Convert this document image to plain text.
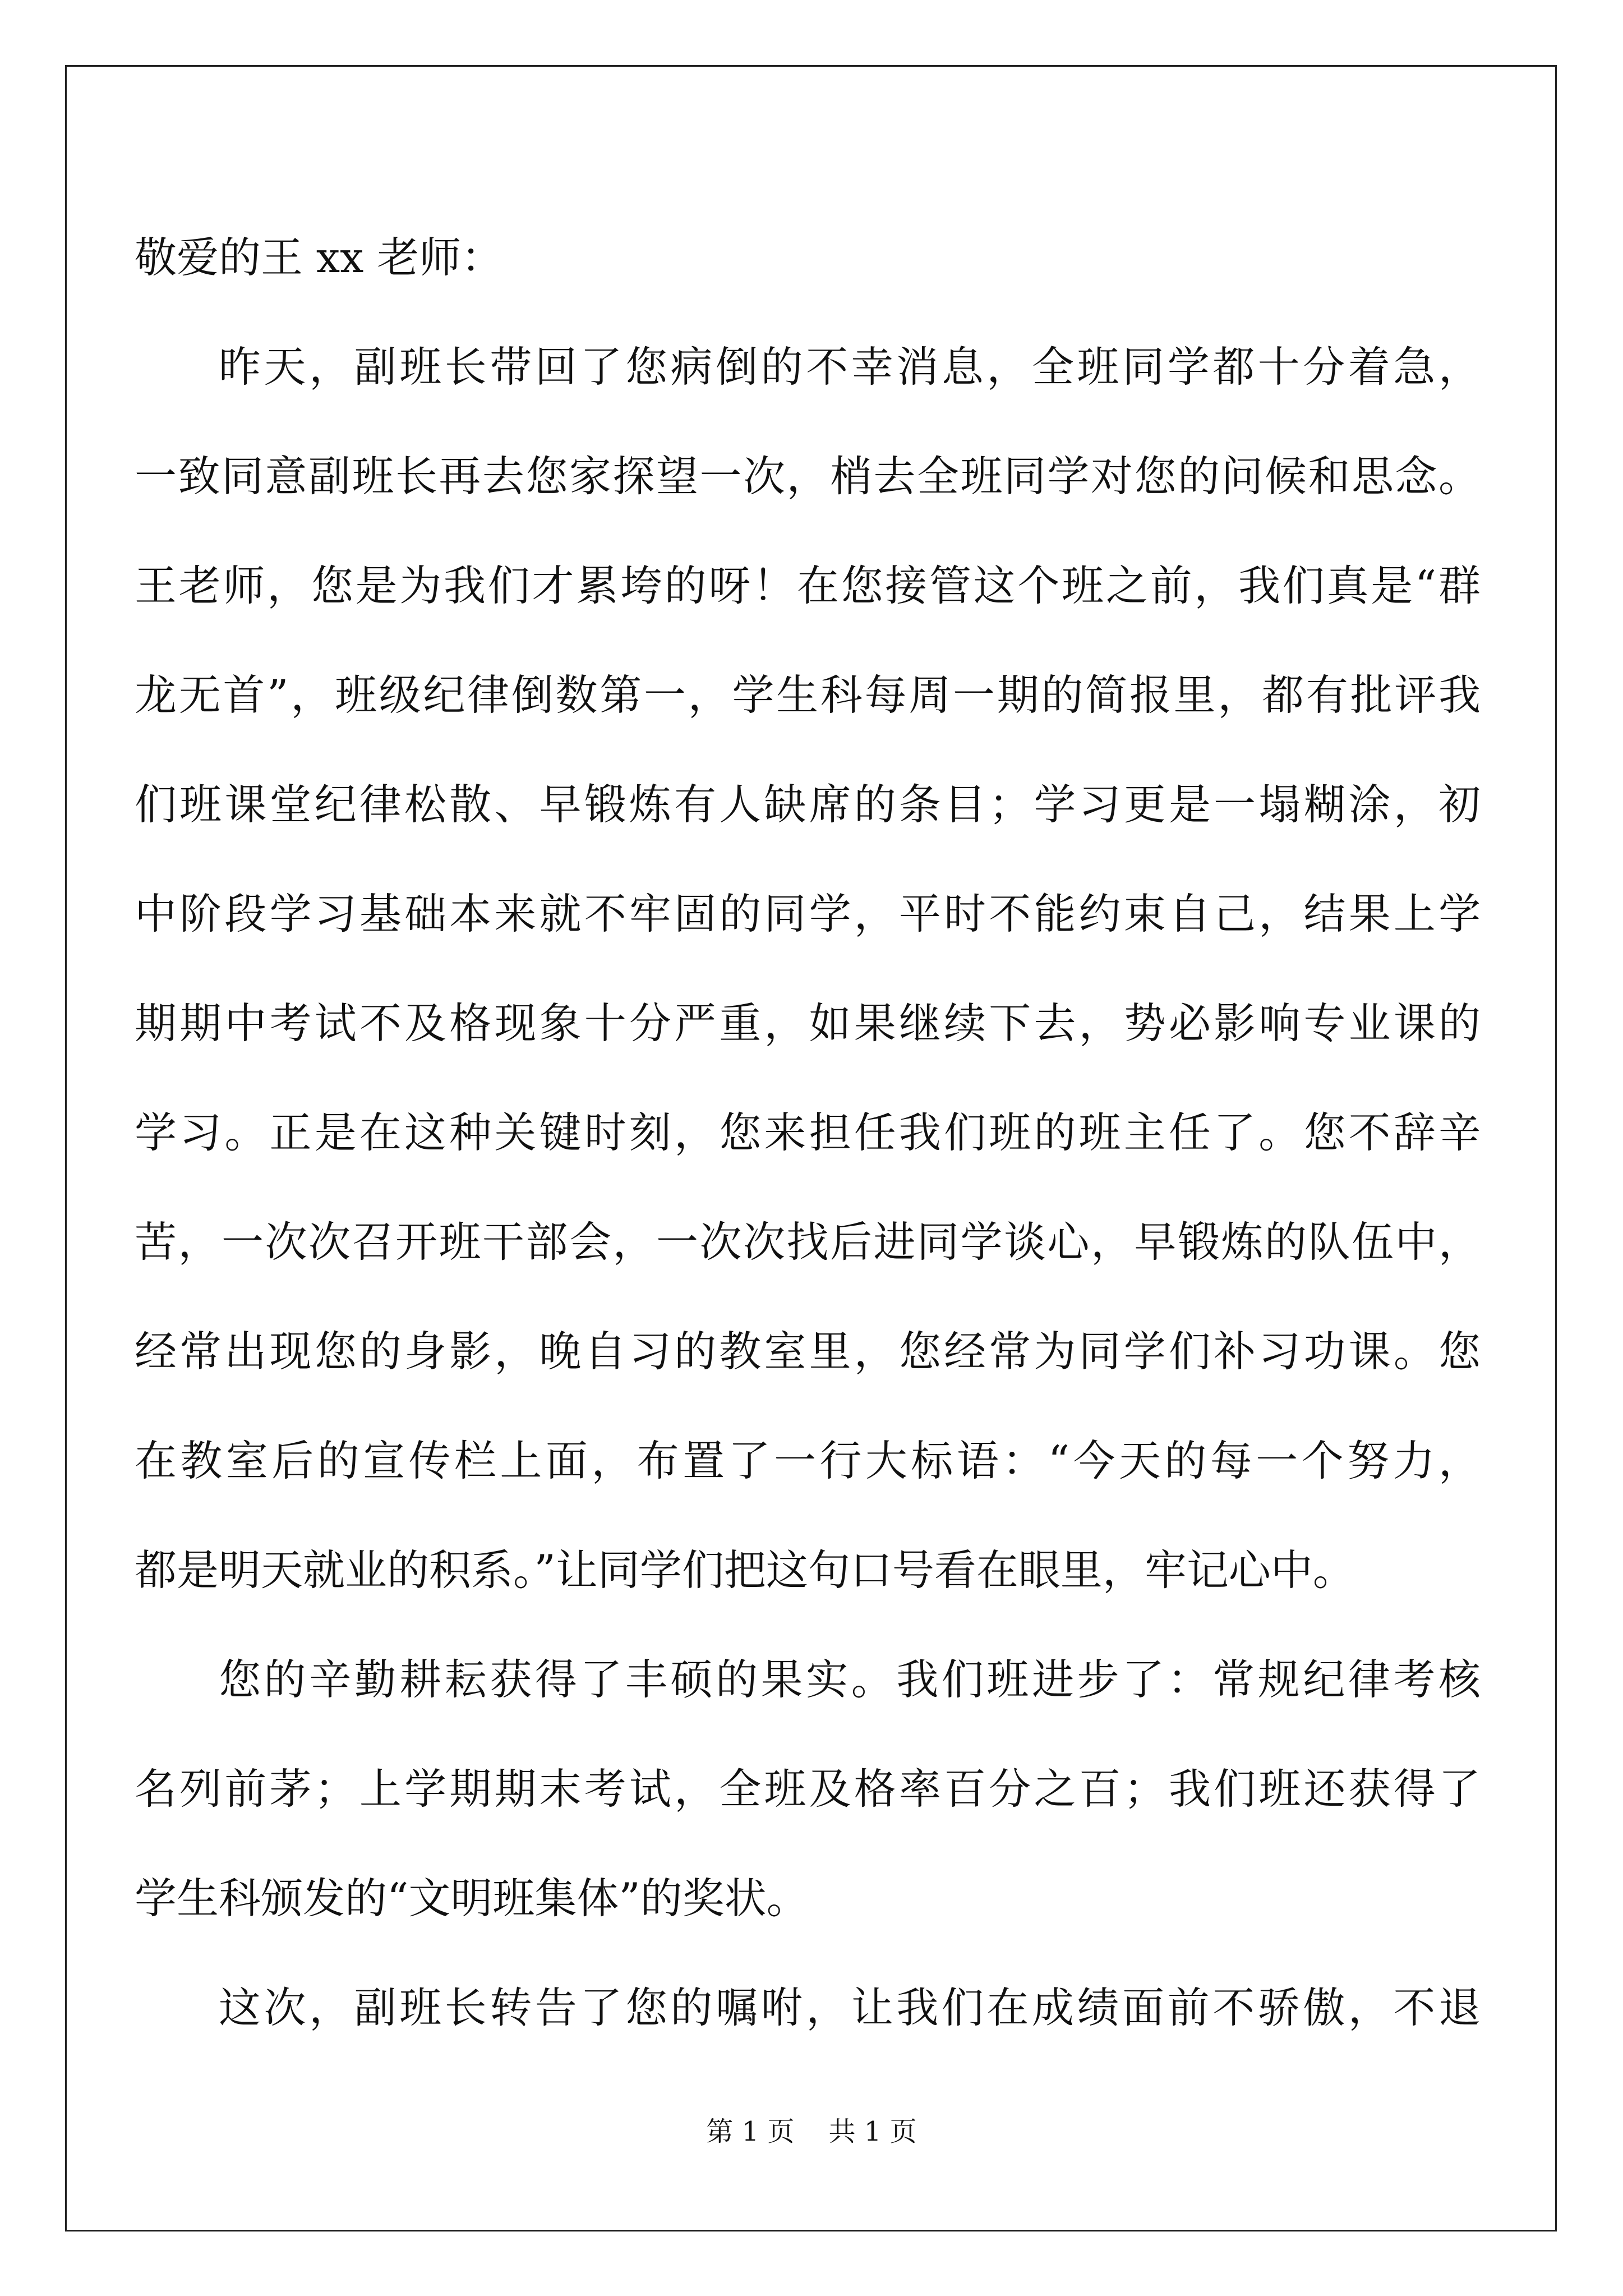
敬爱的王 xx 老师：
昨天，副班长带回了您病倒的不幸消息，全班同学都十分着急，
一致同意副班长再去您家探望一次，梢去全班同学对您的问候和思念。
王老师，您是为我们才累垮的呀！在您接管这个班之前，我们真是“群
龙无首”，班级纪律倒数第一，学生科每周一期的简报里，都有批评我
们班课堂纪律松散、早锻炼有人缺席的条目；学习更是一塌糊涂，初
中阶段学习基础本来就不牢固的同学，平时不能约束自己，结果上学
期期中考试不及格现象十分严重，如果继续下去，势必影响专业课的
学习。正是在这种关键时刻，您来担任我们班的班主任了。您不辞辛
苦，一次次召开班干部会，一次次找后进同学谈心，早锻炼的队伍中，
经常出现您的身影，晚自习的教室里，您经常为同学们补习功课。您
在教室后的宣传栏上面，布置了一行大标语：“今天的每一个努力，
都是明天就业的积系。”让同学们把这句口号看在眼里，牢记心中。
您的辛勤耕耘获得了丰硕的果实。我们班进步了：常规纪律考核
名列前茅；上学期期末考试，全班及格率百分之百；我们班还获得了
学生科颁发的“文明班集体”的奖状。
这次，副班长转告了您的嘱咐，让我们在成绩面前不骄傲，不退
第 1 页    共 1 页
